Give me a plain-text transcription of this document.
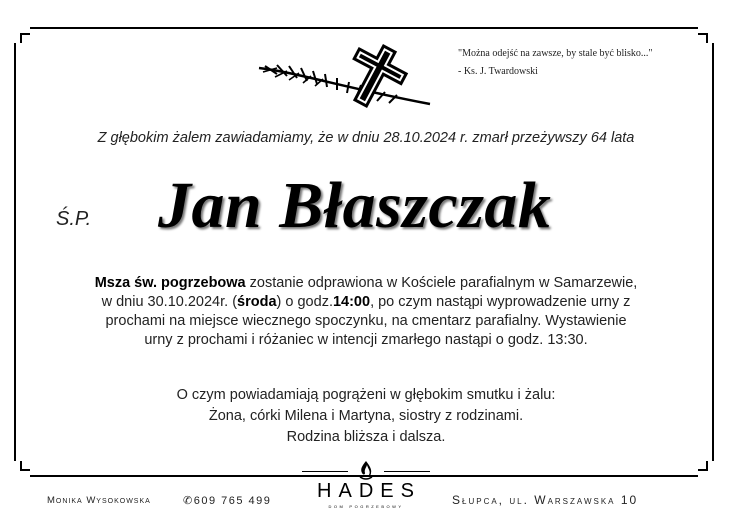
"Można odejść na zawsze, by stale być blisko..."
- Ks. J. Twardowski
Z głębokim żalem zawiadamiamy, że w dniu 28.10.2024 r. zmarł przeżywszy 64 lata
Ś.P. Jan Błaszczak
Msza św. pogrzebowa zostanie odprawiona w Kościele parafialnym w Samarzewie,
w dniu 30.10.2024r. (środa) o godz.14:00, po czym nastąpi wyprowadzenie urny z
prochami na miejsce wiecznego spoczynku, na cmentarz parafialny. Wystawienie
urny z prochami i różaniec w intencji zmarłego nastąpi o godz. 13:30.
O czym powiadamiają pogrążeni w głębokim smutku i żalu:
Żona, córki Milena i Martyna, siostry z rodzinami.
Rodzina bliższa i dalsza.
Monika Wysokowska	✆609 765 499	HADES
dom pogrzebowy	Słupca, ul. Warszawska 10
